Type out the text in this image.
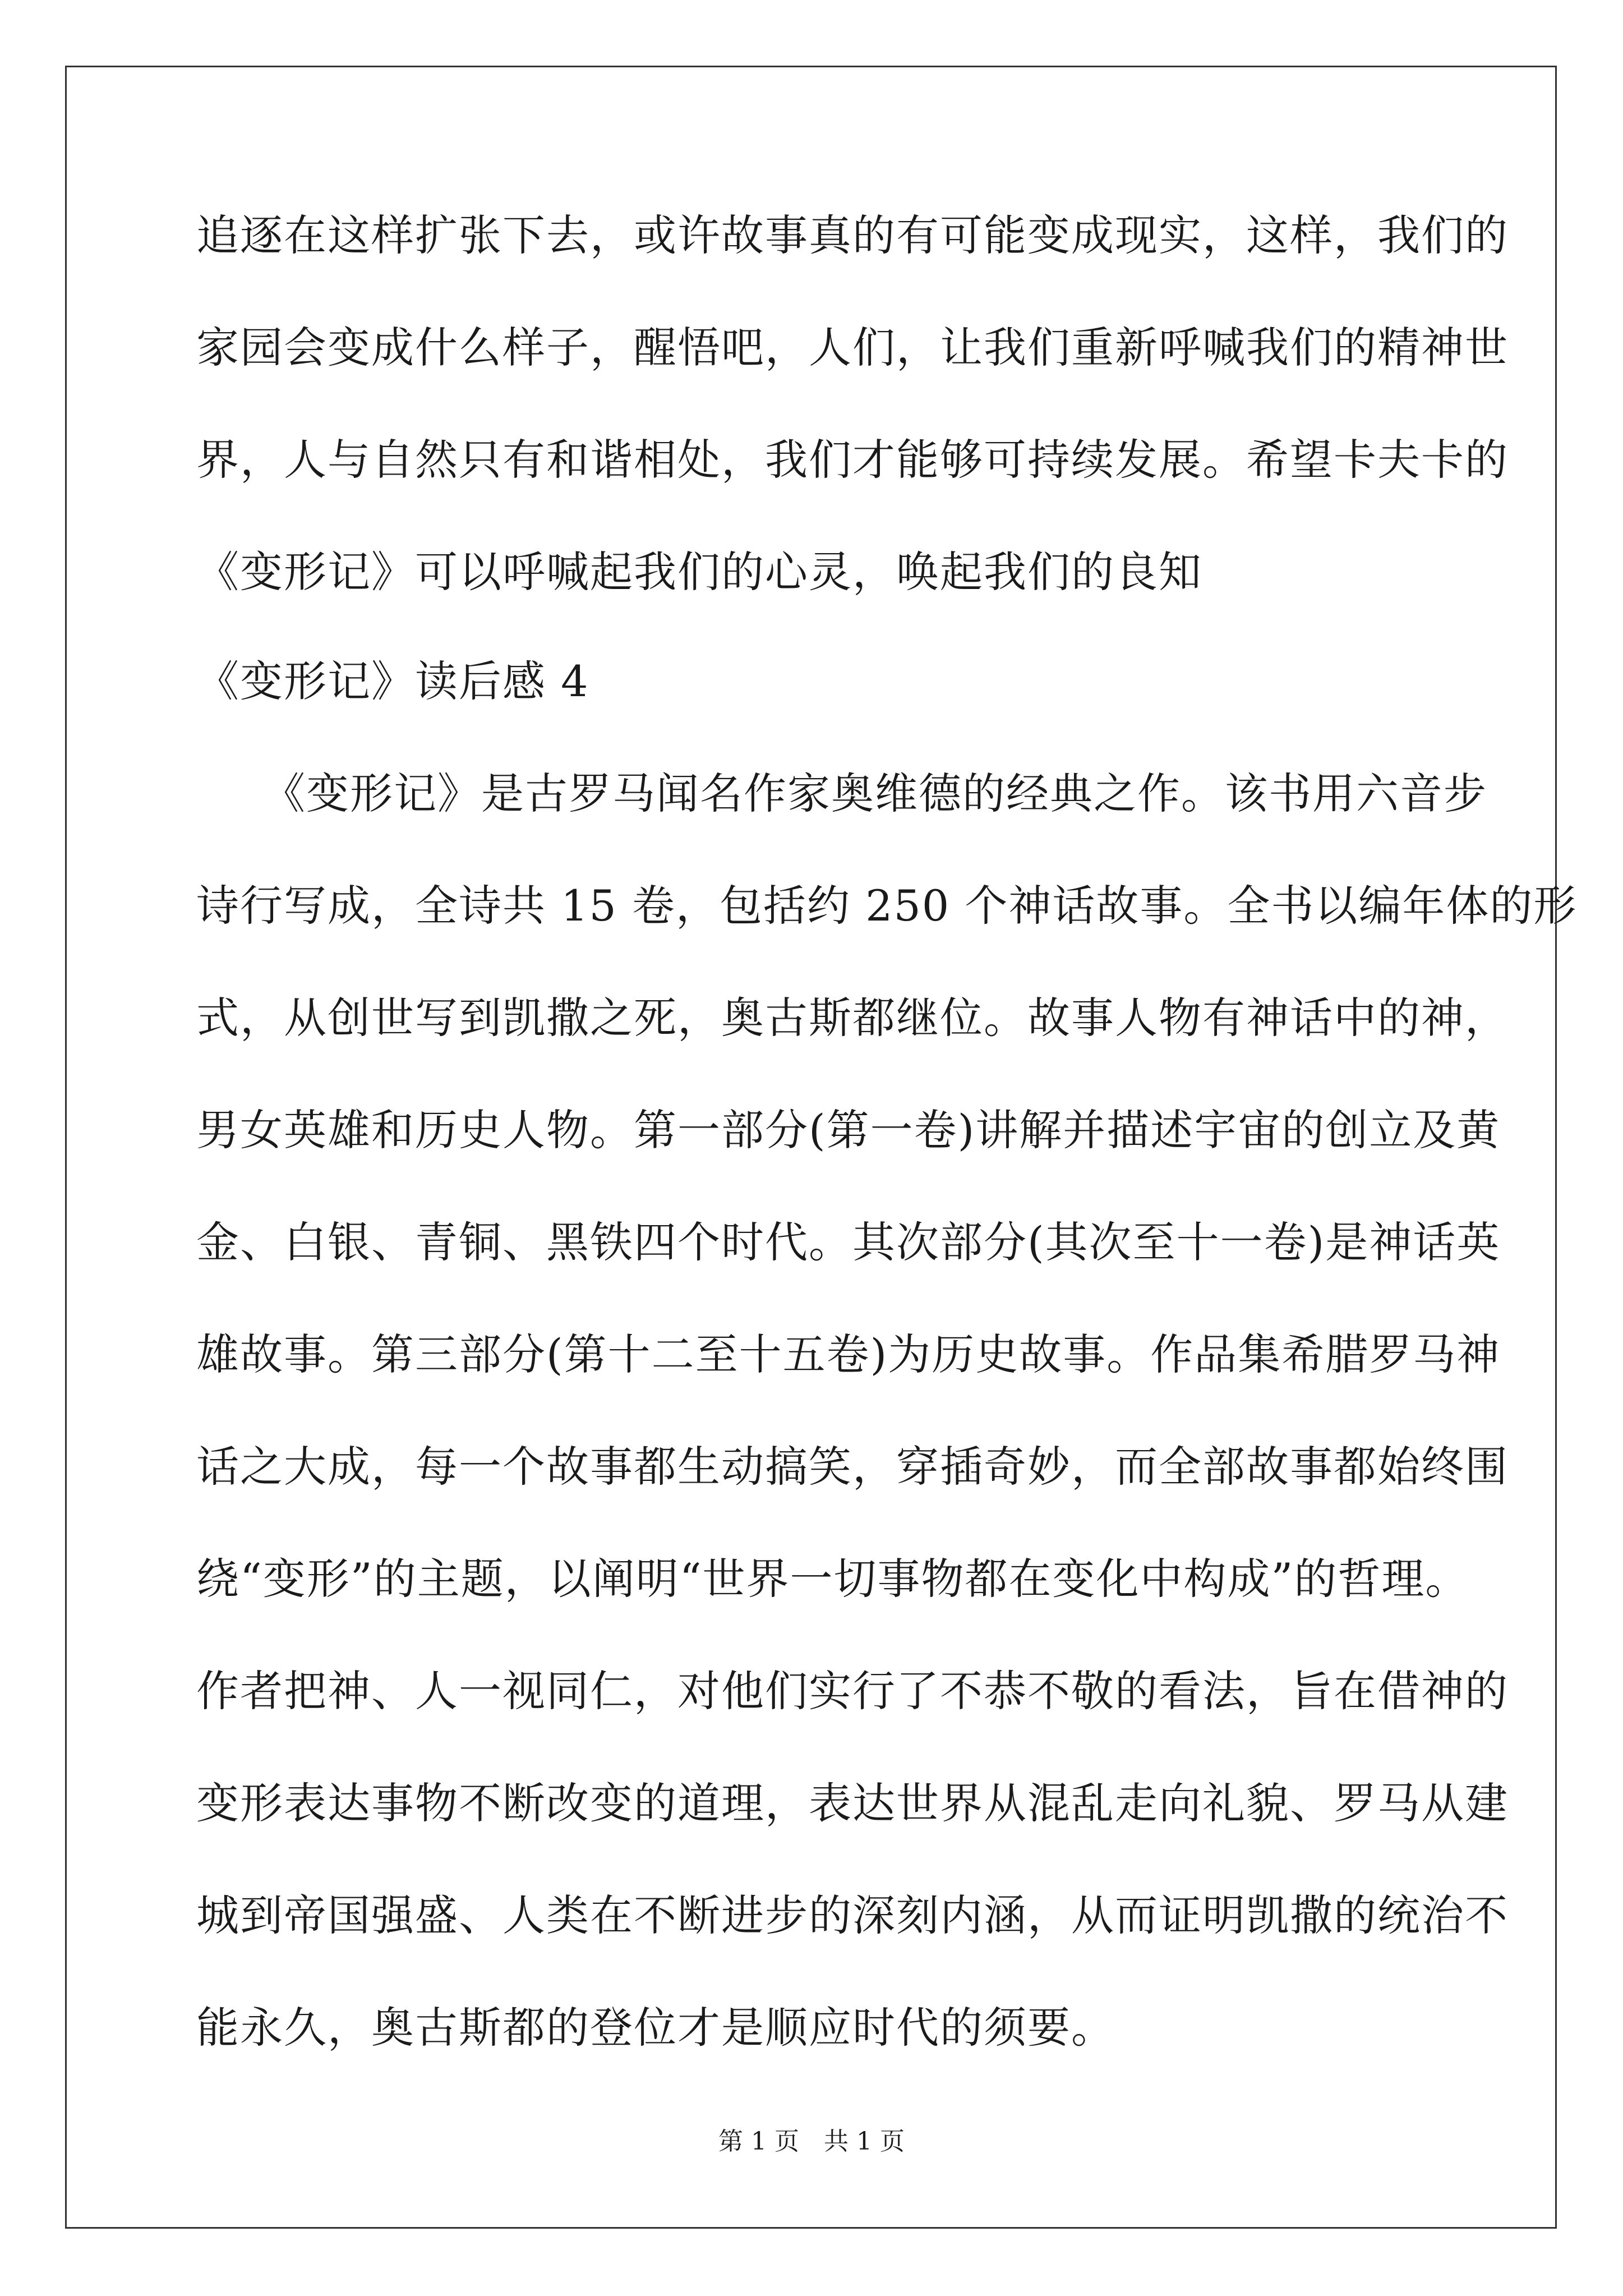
追逐在这样扩张下去，或许故事真的有可能变成现实，这样，我们的
家园会变成什么样子，醒悟吧，人们，让我们重新呼喊我们的精神世
界，人与自然只有和谐相处，我们才能够可持续发展。希望卡夫卡的
《变形记》可以呼喊起我们的心灵，唤起我们的良知
《变形记》读后感 4
　　《变形记》是古罗马闻名作家奥维德的经典之作。该书用六音步
诗行写成，全诗共 15 卷，包括约 250 个神话故事。全书以编年体的形
式，从创世写到凯撒之死，奥古斯都继位。故事人物有神话中的神，
男女英雄和历史人物。第一部分(第一卷)讲解并描述宇宙的创立及黄
金、白银、青铜、黑铁四个时代。其次部分(其次至十一卷)是神话英
雄故事。第三部分(第十二至十五卷)为历史故事。作品集希腊罗马神
话之大成，每一个故事都生动搞笑，穿插奇妙，而全部故事都始终围
绕“变形”的主题，以阐明“世界一切事物都在变化中构成”的哲理。
作者把神、人一视同仁，对他们实行了不恭不敬的看法，旨在借神的
变形表达事物不断改变的道理，表达世界从混乱走向礼貌、罗马从建
城到帝国强盛、人类在不断进步的深刻内涵，从而证明凯撒的统治不
能永久，奥古斯都的登位才是顺应时代的须要。
第 1 页　共 1 页
